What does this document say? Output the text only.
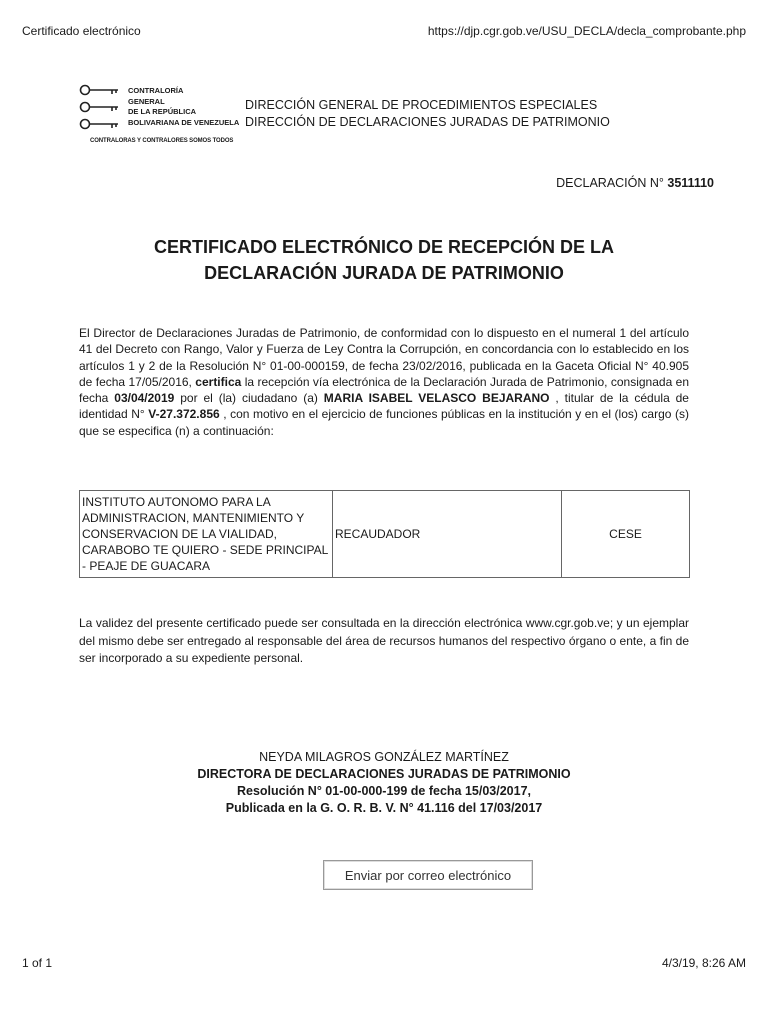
Certificado electrónico	https://djp.cgr.gob.ve/USU_DECLA/decla_comprobante.php
CONTRALORÍA
GENERAL
DE LA REPÚBLICA
BOLIVARIANA DE VENEZUELA
CONTRALORAS Y CONTRALORES SOMOS TODOS
DIRECCIÓN GENERAL DE PROCEDIMIENTOS ESPECIALES
DIRECCIÓN DE DECLARACIONES JURADAS DE PATRIMONIO
DECLARACIÓN N° 3511110
CERTIFICADO ELECTRÓNICO DE RECEPCIÓN DE LA
DECLARACIÓN JURADA DE PATRIMONIO
El Director de Declaraciones Juradas de Patrimonio, de conformidad con lo dispuesto en el numeral 1 del artículo 41 del Decreto con Rango, Valor y Fuerza de Ley Contra la Corrupción, en concordancia con lo establecido en los artículos 1 y 2 de la Resolución N° 01-00-000159, de fecha 23/02/2016, publicada en la Gaceta Oficial N° 40.905 de fecha 17/05/2016, certifica la recepción vía electrónica de la Declaración Jurada de Patrimonio, consignada en fecha 03/04/2019 por el (la) ciudadano (a) MARIA ISABEL VELASCO BEJARANO , titular de la cédula de identidad N° V-27.372.856 , con motivo en el ejercicio de funciones públicas en la institución y en el (los) cargo (s) que se especifica (n) a continuación:
INSTITUTO AUTONOMO PARA LA ADMINISTRACION, MANTENIMIENTO Y CONSERVACION DE LA VIALIDAD, CARABOBO TE QUIERO - SEDE PRINCIPAL - PEAJE DE GUACARA	RECAUDADOR	CESE
La validez del presente certificado puede ser consultada en la dirección electrónica www.cgr.gob.ve; y un ejemplar del mismo debe ser entregado al responsable del área de recursos humanos del respectivo órgano o ente, a fin de ser incorporado a su expediente personal.
NEYDA MILAGROS GONZÁLEZ MARTÍNEZ
DIRECTORA DE DECLARACIONES JURADAS DE PATRIMONIO
Resolución N° 01-00-000-199 de fecha 15/03/2017,
Publicada en la G. O. R. B. V. N° 41.116 del 17/03/2017
Enviar por correo electrónico
1 of 1	4/3/19, 8:26 AM
